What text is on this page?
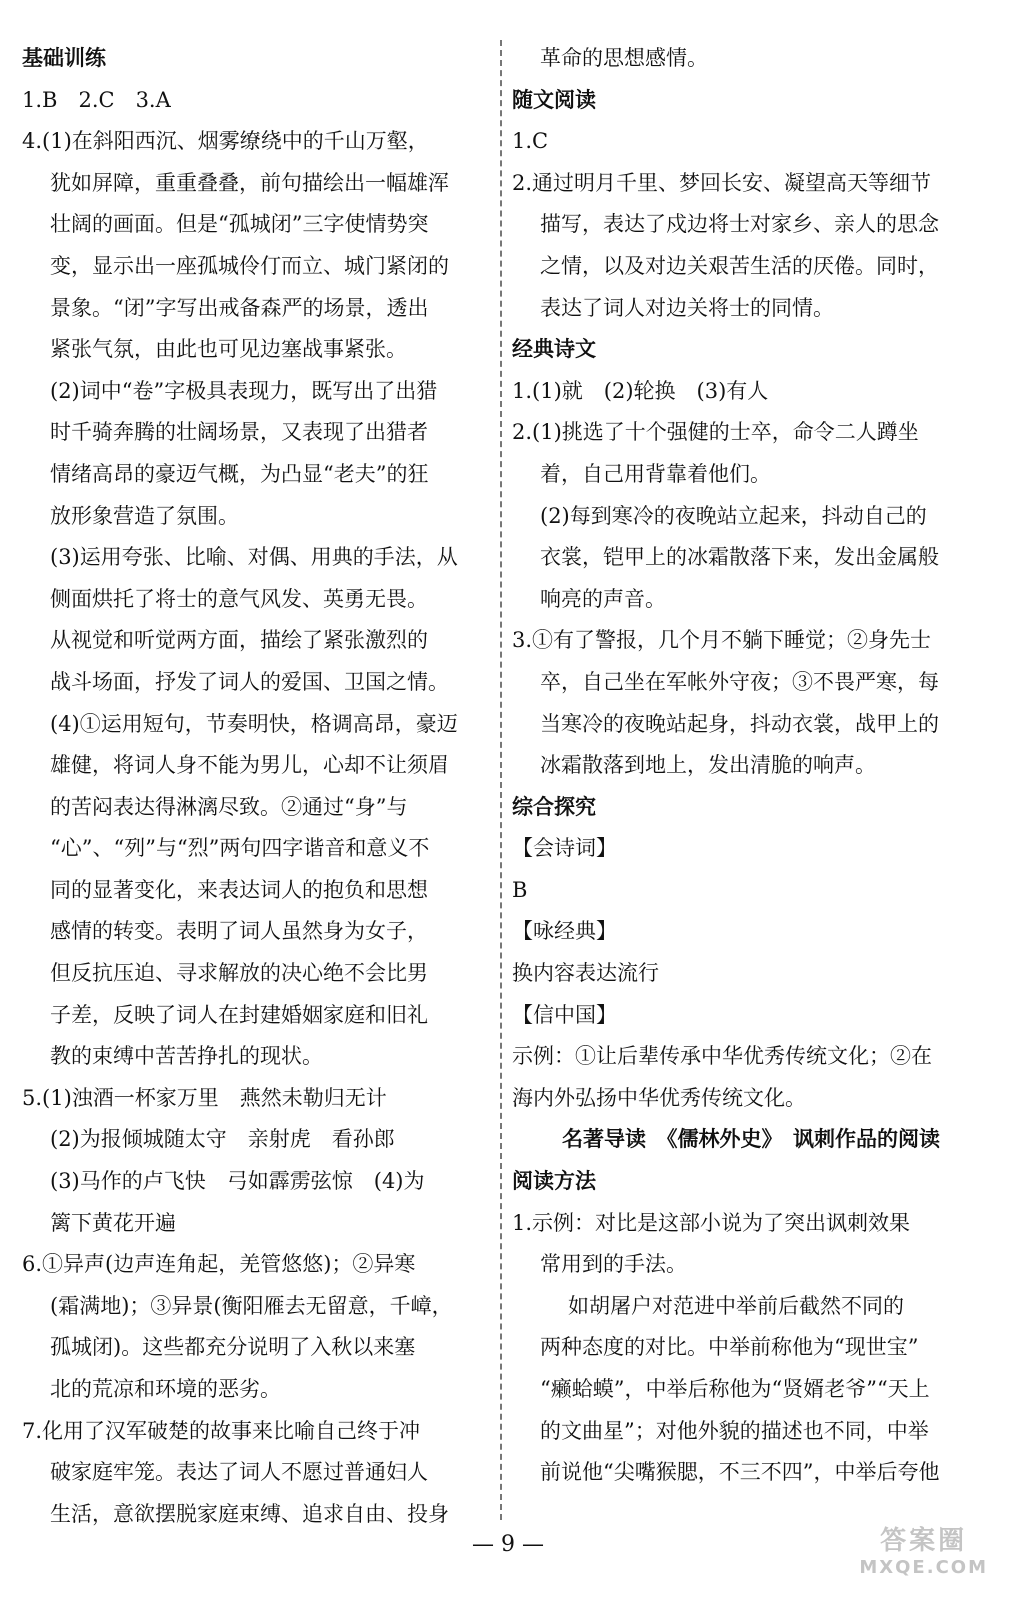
基础训练
1.B　2.C　3.A
4.(1)在斜阳西沉、烟雾缭绕中的千山万壑，
犹如屏障，重重叠叠，前句描绘出一幅雄浑
壮阔的画面。但是“孤城闭”三字使情势突
变，显示出一座孤城伶仃而立、城门紧闭的
景象。“闭”字写出戒备森严的场景，透出
紧张气氛，由此也可见边塞战事紧张。
(2)词中“卷”字极具表现力，既写出了出猎
时千骑奔腾的壮阔场景，又表现了出猎者
情绪高昂的豪迈气概，为凸显“老夫”的狂
放形象营造了氛围。
(3)运用夸张、比喻、对偶、用典的手法，从
侧面烘托了将士的意气风发、英勇无畏。
从视觉和听觉两方面，描绘了紧张激烈的
战斗场面，抒发了词人的爱国、卫国之情。
(4)①运用短句，节奏明快，格调高昂，豪迈
雄健，将词人身不能为男儿，心却不让须眉
的苦闷表达得淋漓尽致。②通过“身”与
“心”、“列”与“烈”两句四字谐音和意义不
同的显著变化，来表达词人的抱负和思想
感情的转变。表明了词人虽然身为女子，
但反抗压迫、寻求解放的决心绝不会比男
子差，反映了词人在封建婚姻家庭和旧礼
教的束缚中苦苦挣扎的现状。
5.(1)浊酒一杯家万里　燕然未勒归无计
(2)为报倾城随太守　亲射虎　看孙郎
(3)马作的卢飞快　弓如霹雳弦惊　(4)为
篱下黄花开遍
6.①异声(边声连角起，羌管悠悠)；②异寒
(霜满地)；③异景(衡阳雁去无留意，千嶂，
孤城闭)。这些都充分说明了入秋以来塞
北的荒凉和环境的恶劣。
7.化用了汉军破楚的故事来比喻自己终于冲
破家庭牢笼。表达了词人不愿过普通妇人
生活，意欲摆脱家庭束缚、追求自由、投身
革命的思想感情。
随文阅读
1.C
2.通过明月千里、梦回长安、凝望高天等细节
描写，表达了戍边将士对家乡、亲人的思念
之情，以及对边关艰苦生活的厌倦。同时，
表达了词人对边关将士的同情。
经典诗文
1.(1)就　(2)轮换　(3)有人
2.(1)挑选了十个强健的士卒，命令二人蹲坐
着，自己用背靠着他们。
(2)每到寒冷的夜晚站立起来，抖动自己的
衣裳，铠甲上的冰霜散落下来，发出金属般
响亮的声音。
3.①有了警报，几个月不躺下睡觉；②身先士
卒，自己坐在军帐外守夜；③不畏严寒，每
当寒冷的夜晚站起身，抖动衣裳，战甲上的
冰霜散落到地上，发出清脆的响声。
综合探究
【会诗词】
B
【咏经典】
换内容表达流行
【信中国】
示例：①让后辈传承中华优秀传统文化；②在
海内外弘扬中华优秀传统文化。
名著导读　《儒林外史》　讽刺作品的阅读
阅读方法
1.示例：对比是这部小说为了突出讽刺效果
常用到的手法。
如胡屠户对范进中举前后截然不同的
两种态度的对比。中举前称他为“现世宝”
“癞蛤蟆”，中举后称他为“贤婿老爷”“天上
的文曲星”；对他外貌的描述也不同，中举
前说他“尖嘴猴腮，不三不四”，中举后夸他
— 9 —	答案圈
MXQE.COM
